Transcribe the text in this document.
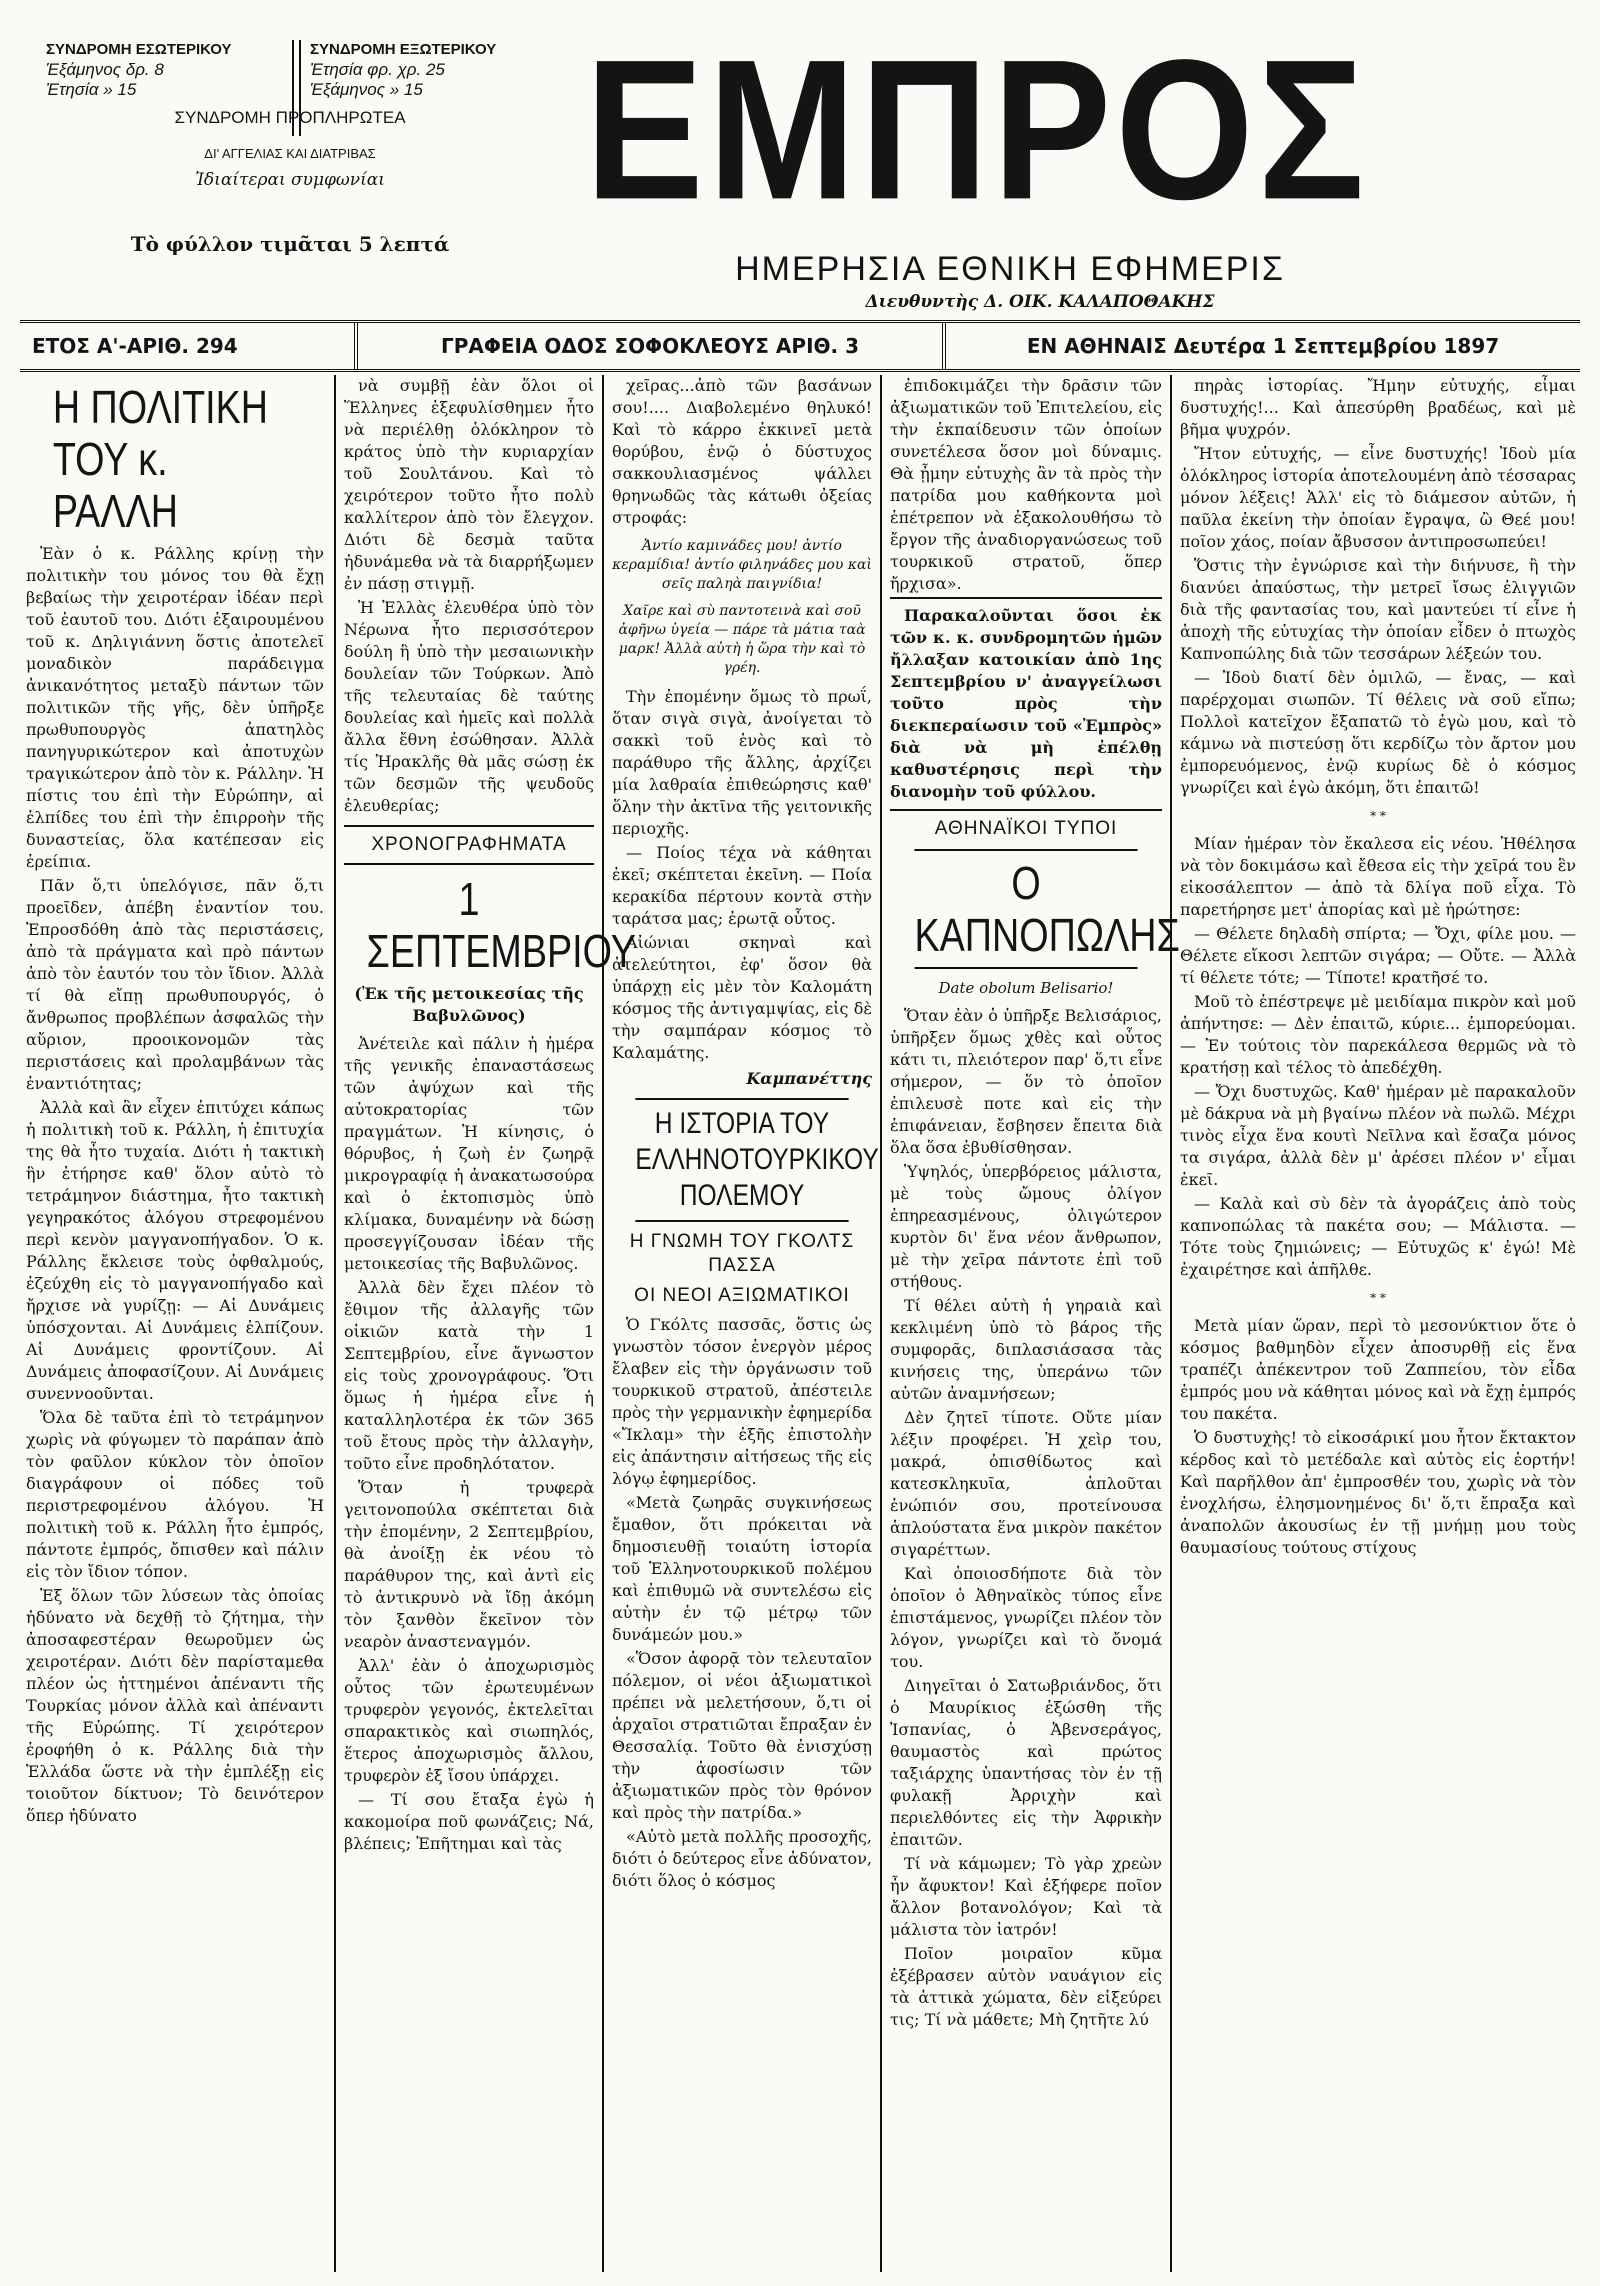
ΣΥΝΔΡΟΜΗ ΕΣΩΤΕΡΙΚΟΥ
Ἑξάμηνος δρ. 8
Ἐτησία » 15
ΣΥΝΔΡΟΜΗ ΕΞΩΤΕΡΙΚΟΥ
Ἐτησία φρ. χρ. 25
Ἑξάμηνος » 15
ΣΥΝΔΡΟΜΗ ΠΡΟΠΛΗΡΩΤΕΑ
ΔΙ' ΑΓΓΕΛΙΑΣ ΚΑΙ ΔΙΑΤΡΙΒΑΣ
Ἰδιαίτεραι συμφωνίαι
Τὸ φύλλον τιμᾶται 5 λεπτά
ΕΜΠΡΟΣ
ΗΜΕΡΗΣΙΑ ΕΘΝΙΚΗ ΕΦΗΜΕΡΙΣ
Διευθυντὴς Δ. ΟΙΚ. ΚΑΛΑΠΟΘΑΚΗΣ
ΕΤΟΣ Α'-ΑΡΙΘ. 294	ΓΡΑΦΕΙΑ ΟΔΟΣ ΣΟΦΟΚΛΕΟΥΣ ΑΡΙΘ. 3	ΕΝ ΑΘΗΝΑΙΣ Δευτέρα 1 Σεπτεμβρίου 1897
Η ΠΟΛΙΤΙΚΗ ΤΟΥ κ. ΡΑΛΛΗ

Ἐὰν ὁ κ. Ράλλης κρίνῃ τὴν πολιτικὴν του μόνος του θὰ ἔχῃ βεβαίως τὴν χειροτέραν ἰδέαν περὶ τοῦ ἑαυτοῦ του. Διότι ἐξαιρουμένου τοῦ κ. Δηλιγιάννη ὅστις ἀποτελεῖ μοναδικὸν παράδειγμα ἀνικανότητος μεταξὺ πάντων τῶν πολιτικῶν τῆς γῆς, δὲν ὑπῆρξε πρωθυπουργὸς ἀπατηλὸς πανηγυρικώτερον καὶ ἀποτυχὼν τραγικώτερον ἀπὸ τὸν κ. Ράλλην. Ἡ πίστις του ἐπὶ τὴν Εὐρώπην, αἱ ἐλπίδες του ἐπὶ τὴν ἐπιρροὴν τῆς δυναστείας, ὅλα κατέπεσαν εἰς ἐρείπια.

Πᾶν ὅ,τι ὑπελόγισε, πᾶν ὅ,τι προεῖδεν, ἀπέβη ἐναντίον του. Ἐπροσδόθη ἀπὸ τὰς περιστάσεις, ἀπὸ τὰ πράγματα καὶ πρὸ πάντων ἀπὸ τὸν ἑαυτόν του τὸν ἴδιον. Ἀλλὰ τί θὰ εἴπῃ πρωθυπουργός, ὁ ἄνθρωπος προβλέπων ἀσφαλῶς τὴν αὔριον, προοικονομῶν τὰς περιστάσεις καὶ προλαμβάνων τὰς ἐναντιότητας;

Ἀλλὰ καὶ ἂν εἶχεν ἐπιτύχει κάπως ἡ πολιτικὴ τοῦ κ. Ράλλη, ἡ ἐπιτυχία της θὰ ἦτο τυχαία. Διότι ἡ τακτικὴ ἣν ἐτήρησε καθ' ὅλον αὐτὸ τὸ τετράμηνον διάστημα, ἦτο τακτικὴ γεγηρακότος ἀλόγου στρεφομένου περὶ κενὸν μαγγανοπήγαδον. Ὁ κ. Ράλλης ἔκλεισε τοὺς ὀφθαλμούς, ἐζεύχθη εἰς τὸ μαγγανοπήγαδο καὶ ἤρχισε νὰ γυρίζῃ: — Αἱ Δυνάμεις ὑπόσχονται. Αἱ Δυνάμεις ἐλπίζουν. Αἱ Δυνάμεις φροντίζουν. Αἱ Δυνάμεις ἀποφασίζουν. Αἱ Δυνάμεις συνεννοοῦνται.

Ὅλα δὲ ταῦτα ἐπὶ τὸ τετράμηνον χωρὶς νὰ φύγωμεν τὸ παράπαν ἀπὸ τὸν φαῦλον κύκλον τὸν ὁποῖον διαγράφουν οἱ πόδες τοῦ περιστρεφομένου ἀλόγου. Ἡ πολιτικὴ τοῦ κ. Ράλλη ἦτο ἐμπρός, πάντοτε ἐμπρός, ὄπισθεν καὶ πάλιν εἰς τὸν ἴδιον τόπον.

Ἐξ ὅλων τῶν λύσεων τὰς ὁποίας ἠδύνατο νὰ δεχθῇ τὸ ζήτημα, τὴν ἀποσαφεστέραν θεωροῦμεν ὡς χειροτέραν. Διότι δὲν παρίσταμεθα πλέον ὡς ἡττημένοι ἀπέναντι τῆς Τουρκίας μόνον ἀλλὰ καὶ ἀπέναντι τῆς Εὐρώπης. Τί χειρότερον ἐροφήθη ὁ κ. Ράλλης διὰ τὴν Ἑλλάδα ὥστε νὰ τὴν ἐμπλέξῃ εἰς τοιοῦτον δίκτυον; Τὸ δεινότερον ὅπερ ἠδύνατο

νὰ συμβῇ ἐὰν ὅλοι οἱ Ἕλληνες ἐξεφυλίσθημεν ἦτο νὰ περιέλθῃ ὁλόκληρον τὸ κράτος ὑπὸ τὴν κυριαρχίαν τοῦ Σουλτάνου. Καὶ τὸ χειρότερον τοῦτο ἦτο πολὺ καλλίτερον ἀπὸ τὸν ἔλεγχον. Διότι δὲ δεσμὰ ταῦτα ἠδυνάμεθα νὰ τὰ διαρρήξωμεν ἐν πάσῃ στιγμῇ.

Ἡ Ἑλλὰς ἐλευθέρα ὑπὸ τὸν Νέρωνα ἦτο περισσότερον δούλη ἢ ὑπὸ τὴν μεσαιωνικὴν δουλείαν τῶν Τούρκων. Ἀπὸ τῆς τελευταίας δὲ ταύτης δουλείας καὶ ἡμεῖς καὶ πολλὰ ἄλλα ἔθνη ἐσώθησαν. Ἀλλὰ τίς Ἡρακλῆς θὰ μᾶς σώσῃ ἐκ τῶν δεσμῶν τῆς ψευδοῦς ἐλευθερίας;

ΧΡΟΝΟΓΡΑΦΗΜΑΤΑ
1 ΣΕΠΤΕΜΒΡΙΟΥ
(Ἐκ τῆς μετοικεσίας τῆς Βαβυλῶνος)

Ἀνέτειλε καὶ πάλιν ἡ ἡμέρα τῆς γενικῆς ἐπαναστάσεως τῶν ἀψύχων καὶ τῆς αὐτοκρατορίας τῶν πραγμάτων. Ἡ κίνησις, ὁ θόρυβος, ἡ ζωὴ ἐν ζωηρᾷ μικρογραφίᾳ ἡ ἀνακατωσούρα καὶ ὁ ἐκτοπισμὸς ὑπὸ κλίμακα, δυναμένην νὰ δώσῃ προσεγγίζουσαν ἰδέαν τῆς μετοικεσίας τῆς Βαβυλῶνος.

Ἀλλὰ δὲν ἔχει πλέον τὸ ἔθιμον τῆς ἀλλαγῆς τῶν οἰκιῶν κατὰ τὴν 1 Σεπτεμβρίου, εἶνε ἄγνωστον εἰς τοὺς χρονογράφους. Ὅτι ὅμως ἡ ἡμέρα εἶνε ἡ καταλληλοτέρα ἐκ τῶν 365 τοῦ ἔτους πρὸς τὴν ἀλλαγὴν, τοῦτο εἶνε προδηλότατον.

Ὅταν ἡ τρυφερὰ γειτονοπούλα σκέπτεται διὰ τὴν ἐπομένην, 2 Σεπτεμβρίου, θὰ ἀνοίξῃ ἐκ νέου τὸ παράθυρον της, καὶ ἀντὶ εἰς τὸ ἀντικρυνὸ νὰ ἴδῃ ἀκόμη τὸν ξανθὸν ἔκεῖνον τὸν νεαρὸν ἀναστεναγμόν.

Ἀλλ' ἐὰν ὁ ἀποχωρισμὸς οὗτος τῶν ἐρωτευμένων τρυφερὸν γεγονός, ἐκτελεῖται σπαρακτικὸς καὶ σιωπηλός, ἕτερος ἀποχωρισμὸς ἄλλου, τρυφερὸν ἐξ ἴσου ὑπάρχει.

— Τί σου ἔταξα ἐγὼ ἡ κακομοίρα ποῦ φωνάζεις; Νά, βλέπεις; Ἐπῆτημαι καὶ τὰς

χεῖρας...ἀπὸ τῶν βασάνων σου!.... Διαβολεμένο θηλυκό! Καὶ τὸ κάρρο ἐκκινεῖ μετὰ θορύβου, ἐνῷ ὁ δύστυχος σακκουλιασμένος ψάλλει θρηνωδῶς τὰς κάτωθι ὀξείας στροφάς:

Ἀντίο καμινάδες μου! ἀντίο κεραμίδια! ἀντίο φιληνάδες μου καὶ σεῖς παληὰ παιγνίδια!
Χαῖρε καὶ σὺ παντοτεινὰ καὶ σοῦ ἀφῆνω ὑγεία — πάρε τὰ μάτια ταὰ μαρκ! Ἀλλὰ αὐτὴ ἡ ὥρα τὴν καὶ τὸ γρέη.

Τὴν ἐπομένην ὅμως τὸ πρωΐ, ὅταν σιγὰ σιγὰ, ἀνοίγεται τὸ σακκὶ τοῦ ἑνὸς καὶ τὸ παράθυρο τῆς ἄλλης, ἀρχίζει μία λαθραία ἐπιθεώρησις καθ' ὅλην τὴν ἀκτῖνα τῆς γειτονικῆς περιοχῆς.

— Ποίος τέχα νὰ κάθηται ἐκεῖ; σκέπτεται ἐκεῖνη. — Ποία κερακίδα πέρτουν κοντὰ στὴν ταράτσα μας; ἐρωτᾷ οὗτος.

Αἰώνιαι σκηναὶ καὶ ἀτελεύτητοι, ἐφ' ὅσον θὰ ὑπάρχῃ εἰς μὲν τὸν Καλομάτη κόσμος τῆς ἀντιγαμψίας, εἰς δὲ τὴν σαμπάραν κόσμος τὸ Καλαμάτης.

Καμπανέττης
Η ΙΣΤΟΡΙΑ ΤΟΥ ΕΛΛΗΝΟΤΟΥΡΚΙΚΟΥ ΠΟΛΕΜΟΥ
Η ΓΝΩΜΗ ΤΟΥ ΓΚΟΛΤΣ ΠΑΣΣΑ
ΟΙ ΝΕΟΙ ΑΞΙΩΜΑΤΙΚΟΙ

Ὁ Γκόλτς πασσᾶς, ὅστις ὡς γνωστὸν τόσον ἐνεργὸν μέρος ἔλαβεν εἰς τὴν ὀργάνωσιν τοῦ τουρκικοῦ στρατοῦ, ἀπέστειλε πρὸς τὴν γερμανικὴν ἐφημερίδα «Ἴκλαμ» τὴν ἐξῆς ἐπιστολὴν εἰς ἀπάντησιν αἰτήσεως τῆς εἰς λόγῳ ἐφημερίδος.

«Μετὰ ζωηρᾶς συγκινήσεως ἔμαθον, ὅτι πρόκειται νὰ δημοσιευθῇ τοιαύτη ἱστορία τοῦ Ἑλληνοτουρκικοῦ πολέμου καὶ ἐπιθυμῶ νὰ συντελέσω εἰς αὐτὴν ἐν τῷ μέτρῳ τῶν δυνάμεών μου.»

«Ὅσον ἀφορᾷ τὸν τελευταῖον πόλεμον, οἱ νέοι ἀξιωματικοὶ πρέπει νὰ μελετήσουν, ὅ,τι οἱ ἀρχαῖοι στρατιῶται ἔπραξαν ἐν Θεσσαλίᾳ. Τοῦτο θὰ ἐνισχύσῃ τὴν ἀφοσίωσιν τῶν ἀξιωματικῶν πρὸς τὸν θρόνον καὶ πρὸς τὴν πατρίδα.»

«Αὐτὸ μετὰ πολλῆς προσοχῆς, διότι ὁ δεύτερος εἶνε ἀδύνατον, διότι ὅλος ὁ κόσμος

ἐπιδοκιμάζει τὴν δρᾶσιν τῶν ἀξιωματικῶν τοῦ Ἐπιτελείου, εἰς τὴν ἐκπαίδευσιν τῶν ὁποίων συνετέλεσα ὅσον μοὶ δύναμις. Θὰ ᾖμην εὐτυχὴς ἂν τὰ πρὸς τὴν πατρίδα μου καθήκοντα μοὶ ἐπέτρεπον νὰ ἐξακολουθήσω τὸ ἔργον τῆς ἀναδιοργανώσεως τοῦ τουρκικοῦ στρατοῦ, ὅπερ ἤρχισα».

Παρακαλοῦνται ὅσοι ἐκ τῶν κ. κ. συνδρομητῶν ἡμῶν ἤλλαξαν κατοικίαν ἀπὸ 1ης Σεπτεμβρίου ν' ἀναγγείλωσι τοῦτο πρὸς τὴν διεκπεραίωσιν τοῦ «Ἐμπρὸς» διὰ νὰ μὴ ἐπέλθῃ καθυστέρησις περὶ τὴν διανομὴν τοῦ φύλλου.

ΑΘΗΝΑΪΚΟΙ ΤΥΠΟΙ
Ο ΚΑΠΝΟΠΩΛΗΣ
Date obolum Belisario!

Ὅταν ἐὰν ὁ ὑπῆρξε Βελισάριος, ὑπῆρξεν ὅμως χθὲς καὶ οὗτος κάτι τι, πλειότερον παρ' ὅ,τι εἶνε σήμερον, — ὅν τὸ ὁποῖον ἐπιλευσὲ ποτε καὶ εἰς τὴν ἐπιφάνειαν, ἔσβησεν ἔπειτα διὰ ὅλα ὅσα ἐβυθίσθησαν.

Ὑψηλός, ὑπερβόρειος μάλιστα, μὲ τοὺς ὤμους ὀλίγον ἐπηρεασμένους, ὀλιγώτερον κυρτὸν δι' ἕνα νέον ἄνθρωπον, μὲ τὴν χεῖρα πάντοτε ἐπὶ τοῦ στήθους.

Τί θέλει αὐτὴ ἡ γηραιὰ καὶ κεκλιμένη ὑπὸ τὸ βάρος τῆς συμφορᾶς, διπλασιάσασα τὰς κινήσεις της, ὑπεράνω τῶν αὐτῶν ἀναμνήσεων;

Δὲν ζητεῖ τίποτε. Οὔτε μίαν λέξιν προφέρει. Ἡ χεὶρ του, μακρά, ὀπισθίδωτος καὶ κατεσκληκυῖα, ἁπλοῦται ἐνώπιόν σου, προτείνουσα ἁπλούστατα ἕνα μικρὸν πακέτον σιγαρέττων.

Καὶ ὁποιοσδήποτε διὰ τὸν ὁποῖον ὁ Ἀθηναϊκὸς τύπος εἶνε ἐπιστάμενος, γνωρίζει πλέον τὸν λόγον, γνωρίζει καὶ τὸ ὄνομά του.

Διηγεῖται ὁ Σατωβριάνδος, ὅτι ὁ Μαυρίκιος ἐξώσθη τῆς Ἰσπανίας, ὁ Ἀβενσεράγος, θαυμαστὸς καὶ πρώτος ταξιάρχης ὑπαντήσας τὸν ἐν τῇ φυλακῇ Ἀρριχὴν καὶ περιελθόντες εἰς τὴν Ἀφρικὴν ἐπαιτῶν.

Τί νὰ κάμωμεν; Τὸ γὰρ χρεὼν ἦν ἄφυκτον! Καὶ ἐξήφερε ποῖον ἄλλον βοτανολόγον; Καὶ τὰ μάλιστα τὸν ἰατρόν!

Ποῖον μοιραῖον κῦμα ἐξέβρασεν αὐτὸν ναυάγιον εἰς τὰ ἀττικὰ χώματα, δὲν εἰξεύρει τις; Τί νὰ μάθετε; Μὴ ζητῆτε λύ

πηρὰς ἱστορίας. Ἤμην εὐτυχής, εἶμαι δυστυχής!... Καὶ ἀπεσύρθη βραδέως, καὶ μὲ βῆμα ψυχρόν.

Ἤτον εὐτυχής, — εἶνε δυστυχής! Ἰδοὺ μία ὁλόκληρος ἱστορία ἀποτελουμένη ἀπὸ τέσσαρας μόνον λέξεις! Ἀλλ' εἰς τὸ διάμεσον αὐτῶν, ἡ παῦλα ἐκείνη τὴν ὁποίαν ἔγραψα, ὢ Θεέ μου! ποῖον χάος, ποίαν ἄβυσσον ἀντιπροσωπεύει!

Ὅστις τὴν ἐγνώρισε καὶ τὴν διήνυσε, ἢ τὴν διανύει ἀπαύστως, τὴν μετρεῖ ἴσως ἐλιγγιῶν διὰ τῆς φαντασίας του, καὶ μαντεύει τί εἶνε ἡ ἀποχὴ τῆς εὐτυχίας τὴν ὁποίαν εἶδεν ὁ πτωχὸς Καπνοπώλης διὰ τῶν τεσσάρων λέξεών του.

— Ἰδοὺ διατί δὲν ὁμιλῶ, — ἔνας, — καὶ παρέρχομαι σιωπῶν. Τί θέλεις νὰ σοῦ εἴπω; Πολλοὶ κατεῖχον ἔξαπατῶ τὸ ἐγὼ μου, καὶ τὸ κάμνω νὰ πιστεύσῃ ὅτι κερδίζω τὸν ἄρτον μου ἐμπορευόμενος, ἐνῷ κυρίως δὲ ὁ κόσμος γνωρίζει καὶ ἐγὼ ἀκόμη, ὅτι ἐπαιτῶ!

* *

Μίαν ἡμέραν τὸν ἔκαλεσα εἰς νέου. Ἠθέλησα νὰ τὸν δοκιμάσω καὶ ἔθεσα εἰς τὴν χεῖρά του ἓν εἰκοσάλεπτον — ἀπὸ τὰ δλίγα ποῦ εἶχα. Τὸ παρετήρησε μετ' ἀπορίας καὶ μὲ ἠρώτησε:

— Θέλετε δηλαδὴ σπίρτα; — Ὄχι, φίλε μου. — Θέλετε εἴκοσι λεπτῶν σιγάρα; — Οὔτε. — Ἀλλὰ τί θέλετε τότε; — Τίποτε! κρατῆσέ το.

Μοῦ τὸ ἐπέστρεψε μὲ μειδίαμα πικρὸν καὶ μοῦ ἀπήντησε: — Δὲν ἐπαιτῶ, κύριε... ἐμπορεύομαι. — Ἐν τούτοις τὸν παρεκάλεσα θερμῶς νὰ τὸ κρατήσῃ καὶ τέλος τὸ ἀπεδέχθη.

— Ὄχι δυστυχῶς. Καθ' ἡμέραν μὲ παρακαλοῦν μὲ δάκρυα νὰ μὴ βγαίνω πλέον νὰ πωλῶ. Μέχρι τινὸς εἶχα ἕνα κουτὶ Νεῖλνα καὶ ἔσαζα μόνος τα σιγάρα, ἀλλὰ δὲν μ' ἀρέσει πλέον ν' εἶμαι ἐκεῖ.

— Καλὰ καὶ σὺ δὲν τὰ ἀγοράζεις ἀπὸ τοὺς καπνοπώλας τὰ πακέτα σου; — Μάλιστα. — Τότε τοὺς ζημιώνεις; — Εὐτυχῶς κ' ἐγώ! Μὲ ἐχαιρέτησε καὶ ἀπῆλθε.

* *

Μετὰ μίαν ὥραν, περὶ τὸ μεσονύκτιον ὅτε ὁ κόσμος βαθμηδὸν εἶχεν ἀποσυρθῇ εἰς ἕνα τραπέζι ἀπέκεντρον τοῦ Ζαππείου, τὸν εἶδα ἐμπρός μου νὰ κάθηται μόνος καὶ νὰ ἔχῃ ἐμπρός του πακέτα.

Ὁ δυστυχὴς! τὸ εἰκοσάρικί μου ἦτον ἔκτακτον κέρδος καὶ τὸ μετέδαλε καὶ αὐτὸς εἰς ἑορτήν! Καὶ παρῆλθον ἀπ' ἐμπροσθέν του, χωρὶς νὰ τὸν ἐνοχλήσω, ἐλησμονημένος δι' ὅ,τι ἔπραξα καὶ ἀναπολῶν ἀκουσίως ἐν τῇ μνήμῃ μου τοὺς θαυμασίους τούτους στίχους
